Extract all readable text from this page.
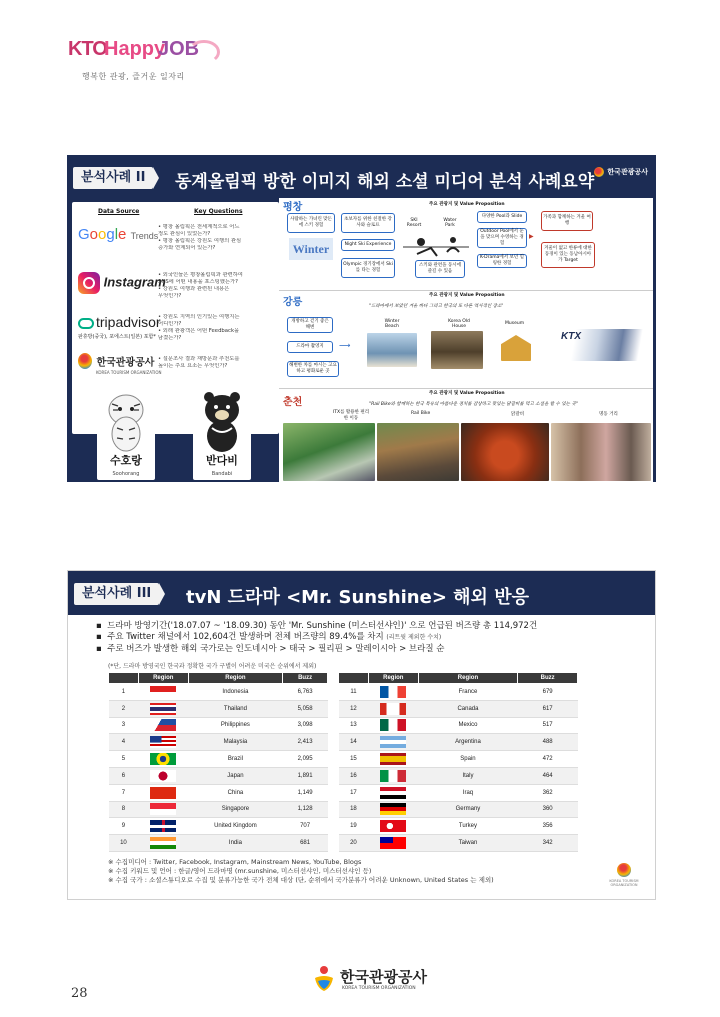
KTO
Happy
JOB
행복한 관광, 즐거운 일자리
분석사례 II	동계올림픽 방한 이미지 해외 소셜 미디어 분석 사례요약	한국관광공사
Data Source	Key Questions
Google Trends
• 평창 올림픽은 전세계적으로 어느
정도 관심이 있었는가?
• 평창 올림픽은 강원도 여행의 관심
증가와 연계되어 있는가?
Instagram
• 외국인들은 평창올림픽과 관련하여
SNS에 어떤 내용을 포스팅했는가?
• 강원도 여행과 관련된 내용은
무엇인가?
tripadvisor
판휴방(중국), 포에스트(일본) 포함*
• 강원도 지역의 인기있는 여행지는
어디인가?
• 외래 관광객은 어떤 Feedback을
남겼는가?
한국관광공사
KOREA TOURISM ORGANIZATION
• 설문조사 결과 재방문과 추천도를
높이는 주요 요소는 무엇인가?
수호랑
Soohorang
반다비
Bandabi
평창	주요 관광지 및 Value Proposition
사람하는 가녀린 맞돈에 스키 경험
초보자를 위한 친절한 강사와 슬로프
Winter	Night Ski Experience
Olympic 경기장에서 Ski를 타는 경험
SKI Resort
Water Park
스키와 관련을 동시에 즐길 수 있음
다양한 Pool과 Slide
Outdoor Pool에서 눈을 맞으며 수영하는 경험
K-Drama에서 보던 힐링한 경험
가족과 함께하는 겨울 여행
겨울이 없고 한류에 대한 동경이 있는 동남아시아가 Target
▶
강릉
주요 관광지 및 Value Proposition
"드라마에서 보았던 겨울 바다 그리고 한국의 또 다른 역사적인 장소"
개방하고 걷기 좋은 해변
드라마 촬영지
해변한 차를 마시는 고요하고 평화로운 곳
Winter Beach
Korea Old House
Museum
KTX
⟶
춘천
주요 관광지 및 Value Proposition
"Rail Bike와 함께하는 한국 특유의 아름다운 경치를 감상하고 맛있는 닭갈비를 먹고 소설을 할 수 있는 곳"
ITX를 활용한 편리한 이동
Rail Bike	닭갈비	명동 거리
분석사례 III	tvN 드라마 <Mr. Sunshine> 해외 반응
▪  드라마 방영기간('18.07.07 ~ '18.09.30) 동안 'Mr. Sunshine (미스터선샤인)' 으로 언급된 버즈량 총 114,972건
▪  주요 Twitter 채널에서 102,604건 발생하며 전체 버즈량의 89.4%를 차지 (리트윗 제외한 수치)
▪  주로 버즈가 발생한 해외 국가로는 인도네시아 > 태국 > 필리핀 > 말레이시아 > 브라질 순
(*단, 드라마 방영국인 한국과 정확한 국가 구별이 어려운 미국은 순위에서 제외)
	Region	Region	Buzz
1		Indonesia	6,763
2		Thailand	5,058
3		Philippines	3,098
4		Malaysia	2,413
5		Brazil	2,095
6		Japan	1,891
7		China	1,149
8		Singapore	1,128
9		United Kingdom	707
10		India	681
	Region	Region	Buzz
11		France	679
12		Canada	617
13		Mexico	517
14		Argentina	488
15		Spain	472
16		Italy	464
17		Iraq	362
18		Germany	360
19		Turkey	356
20		Taiwan	342
※ 수집미디어 : Twitter, Facebook, Instagram, Mainstream News, YouTube, Blogs
※ 수집 키워드 및 언어 : 한글/영어 드라마명 (mr.sunshine, 미스터선샤인, 미스터선샤인 등)
※ 수집 국가 : 소셜스튜디오로 수집 및 분류가능한 국가 전체 대상 (단, 순위에서 국가분류가 어려운 Unknown, United States 는 제외)	KOREA TOURISM ORGANIZATION
28
한국관광공사
KOREA TOURISM ORGANIZATION
